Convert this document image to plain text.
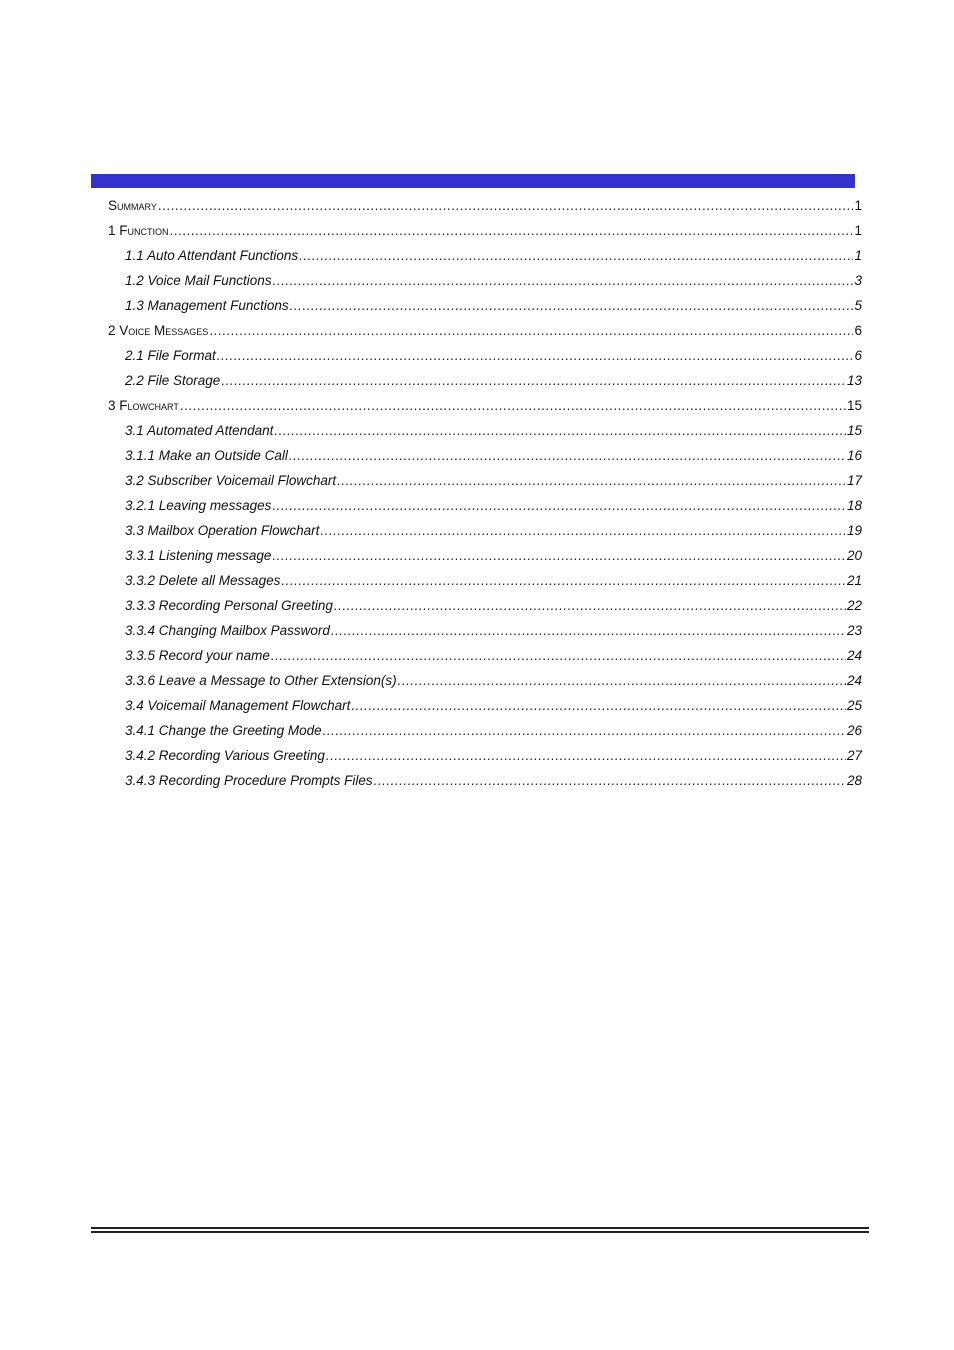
Summary .....	1
1 Function .....	1
1.1 Auto Attendant Functions .....	1
1.2 Voice Mail Functions .....	3
1.3 Management Functions .....	5
2 Voice Messages .....	6
2.1 File Format .....	6
2.2 File Storage .....	13
3 Flowchart .....	15
3.1 Automated Attendant .....	15
3.1.1 Make an Outside Call .....	16
3.2 Subscriber Voicemail Flowchart .....	17
3.2.1 Leaving messages .....	18
3.3 Mailbox Operation Flowchart .....	19
3.3.1 Listening message .....	20
3.3.2 Delete all Messages .....	21
3.3.3 Recording Personal Greeting .....	22
3.3.4 Changing Mailbox Password .....	23
3.3.5 Record your name .....	24
3.3.6 Leave a Message to Other Extension(s) .....	24
3.4 Voicemail Management Flowchart .....	25
3.4.1 Change the Greeting Mode .....	26
3.4.2 Recording Various Greeting .....	27
3.4.3 Recording Procedure Prompts Files .....	28
